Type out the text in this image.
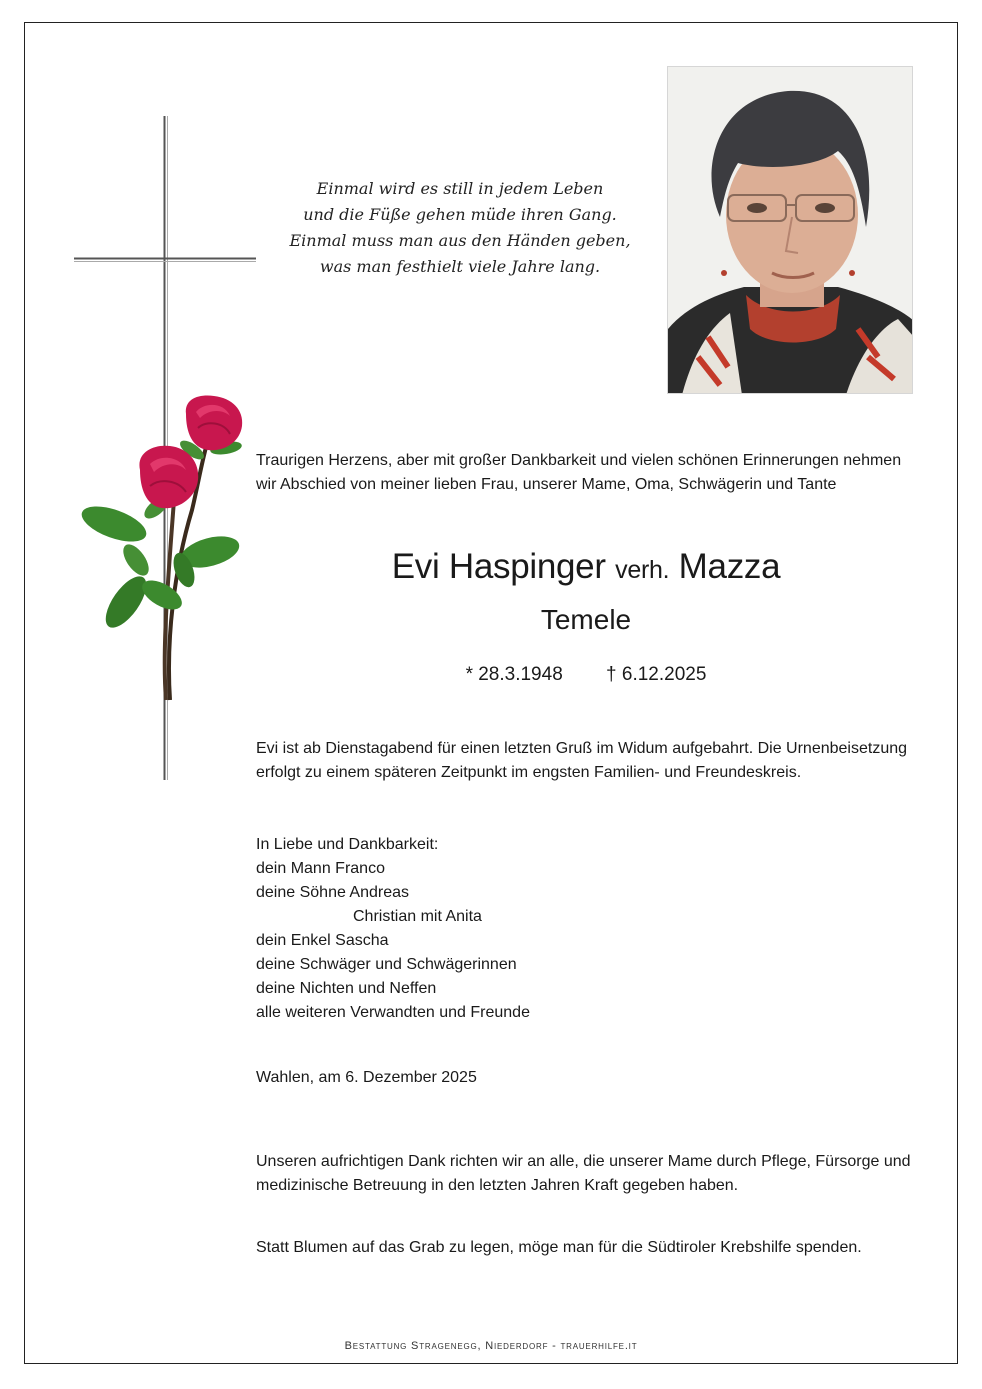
Einmal wird es still in jedem Leben
und die Füße gehen müde ihren Gang.
Einmal muss man aus den Händen geben,
was man festhielt viele Jahre lang.
Traurigen Herzens, aber mit großer Dankbarkeit und vielen schönen Erinnerungen nehmen
wir Abschied von meiner lieben Frau, unserer Mame, Oma, Schwägerin und Tante
Evi Haspinger verh. Mazza
Temele
* 28.3.1948 † 6.12.2025
Evi ist ab Dienstagabend für einen letzten Gruß im Widum aufgebahrt. Die Urnenbeisetzung
erfolgt zu einem späteren Zeitpunkt im engsten Familien- und Freundeskreis.
In Liebe und Dankbarkeit:
dein Mann Franco
deine Söhne Andreas
Christian mit Anita
dein Enkel Sascha
deine Schwäger und Schwägerinnen
deine Nichten und Neffen
alle weiteren Verwandten und Freunde
Wahlen, am 6. Dezember 2025
Unseren aufrichtigen Dank richten wir an alle, die unserer Mame durch Pflege, Fürsorge und
medizinische Betreuung in den letzten Jahren Kraft gegeben haben.
Statt Blumen auf das Grab zu legen, möge man für die Südtiroler Krebshilfe spenden.
Bestattung Stragenegg, Niederdorf - trauerhilfe.it
